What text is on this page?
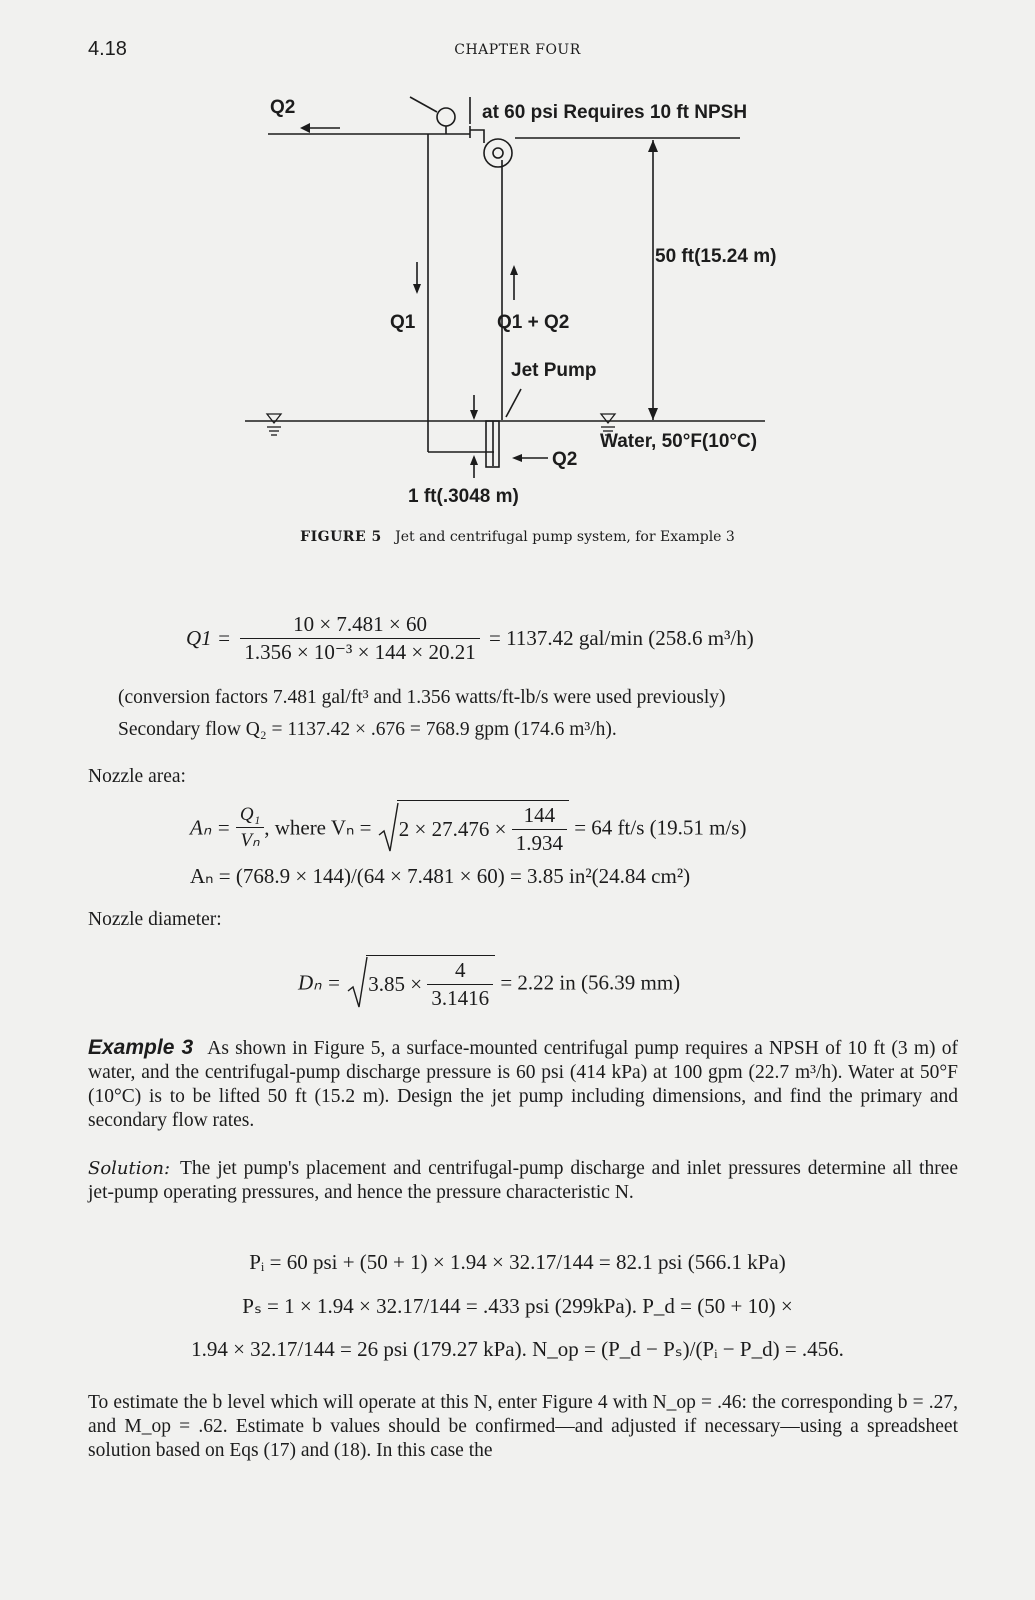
4.18	CHAPTER FOUR
Q2	at 60 psi Requires 10 ft NPSH
50 ft(15.24 m)
Q1	Q1 + Q2
Jet Pump
Water, 50°F(10°C)
Q2
1 ft(.3048 m)
FIGURE 5 Jet and centrifugal pump system, for Example 3
$Q1 = \frac{10 \times 7.481 \times 60}{\text{1.356 × 10⁻³ × 144 × 20.21}} = 1137.42$ gal/min (258.6 m³/h)
(conversion factors 7.481 gal/ft³ and 1.356 watts/ft-lb/s were used previously)
Secondary flow Q₂ = 1137.42 × .676 = 768.9 gpm (174.6 m³/h).
Nozzle area:
$A_n = \frac{\text{Q₁}}{\text{Vₙ}}$ , where $V_n = 2 \times 27.476 \times \frac{144}{1.934} = 64$ ft/s (19.51 m/s)
Aₙ = (768.9 × 144)/(64 × 7.481 × 60) = 3.85 in²(24.84 cm²)
Nozzle diameter:
$D_n = 3.85 \times \frac{4}{3.1416} = 2.22$ in (56.39 mm)
Example 3 As shown in Figure 5, a surface-mounted centrifugal pump requires a NPSH of 10 ft (3 m) of water, and the centrifugal-pump discharge pressure is 60 psi (414 kPa) at 100 gpm (22.7 m³/h). Water at 50°F (10°C) is to be lifted 50 ft (15.2 m). Design the jet pump including dimensions, and find the primary and secondary flow rates.
Solution: The jet pump's placement and centrifugal-pump discharge and inlet pressures determine all three jet-pump operating pressures, and hence the pressure characteristic N.
Pᵢ = 60 psi + (50 + 1) × 1.94 × 32.17/144 = 82.1 psi (566.1 kPa)
Pₛ = 1 × 1.94 × 32.17/144 = .433 psi (299kPa). P_d = (50 + 10) ×
1.94 × 32.17/144 = 26 psi (179.27 kPa). N_op = (P_d − Pₛ)/(Pᵢ − P_d) = .456.
To estimate the b level which will operate at this N, enter Figure 4 with N_op = .46: the corresponding b = .27, and M_op = .62. Estimate b values should be confirmed—and adjusted if necessary—using a spreadsheet solution based on Eqs (17) and (18). In this case the
